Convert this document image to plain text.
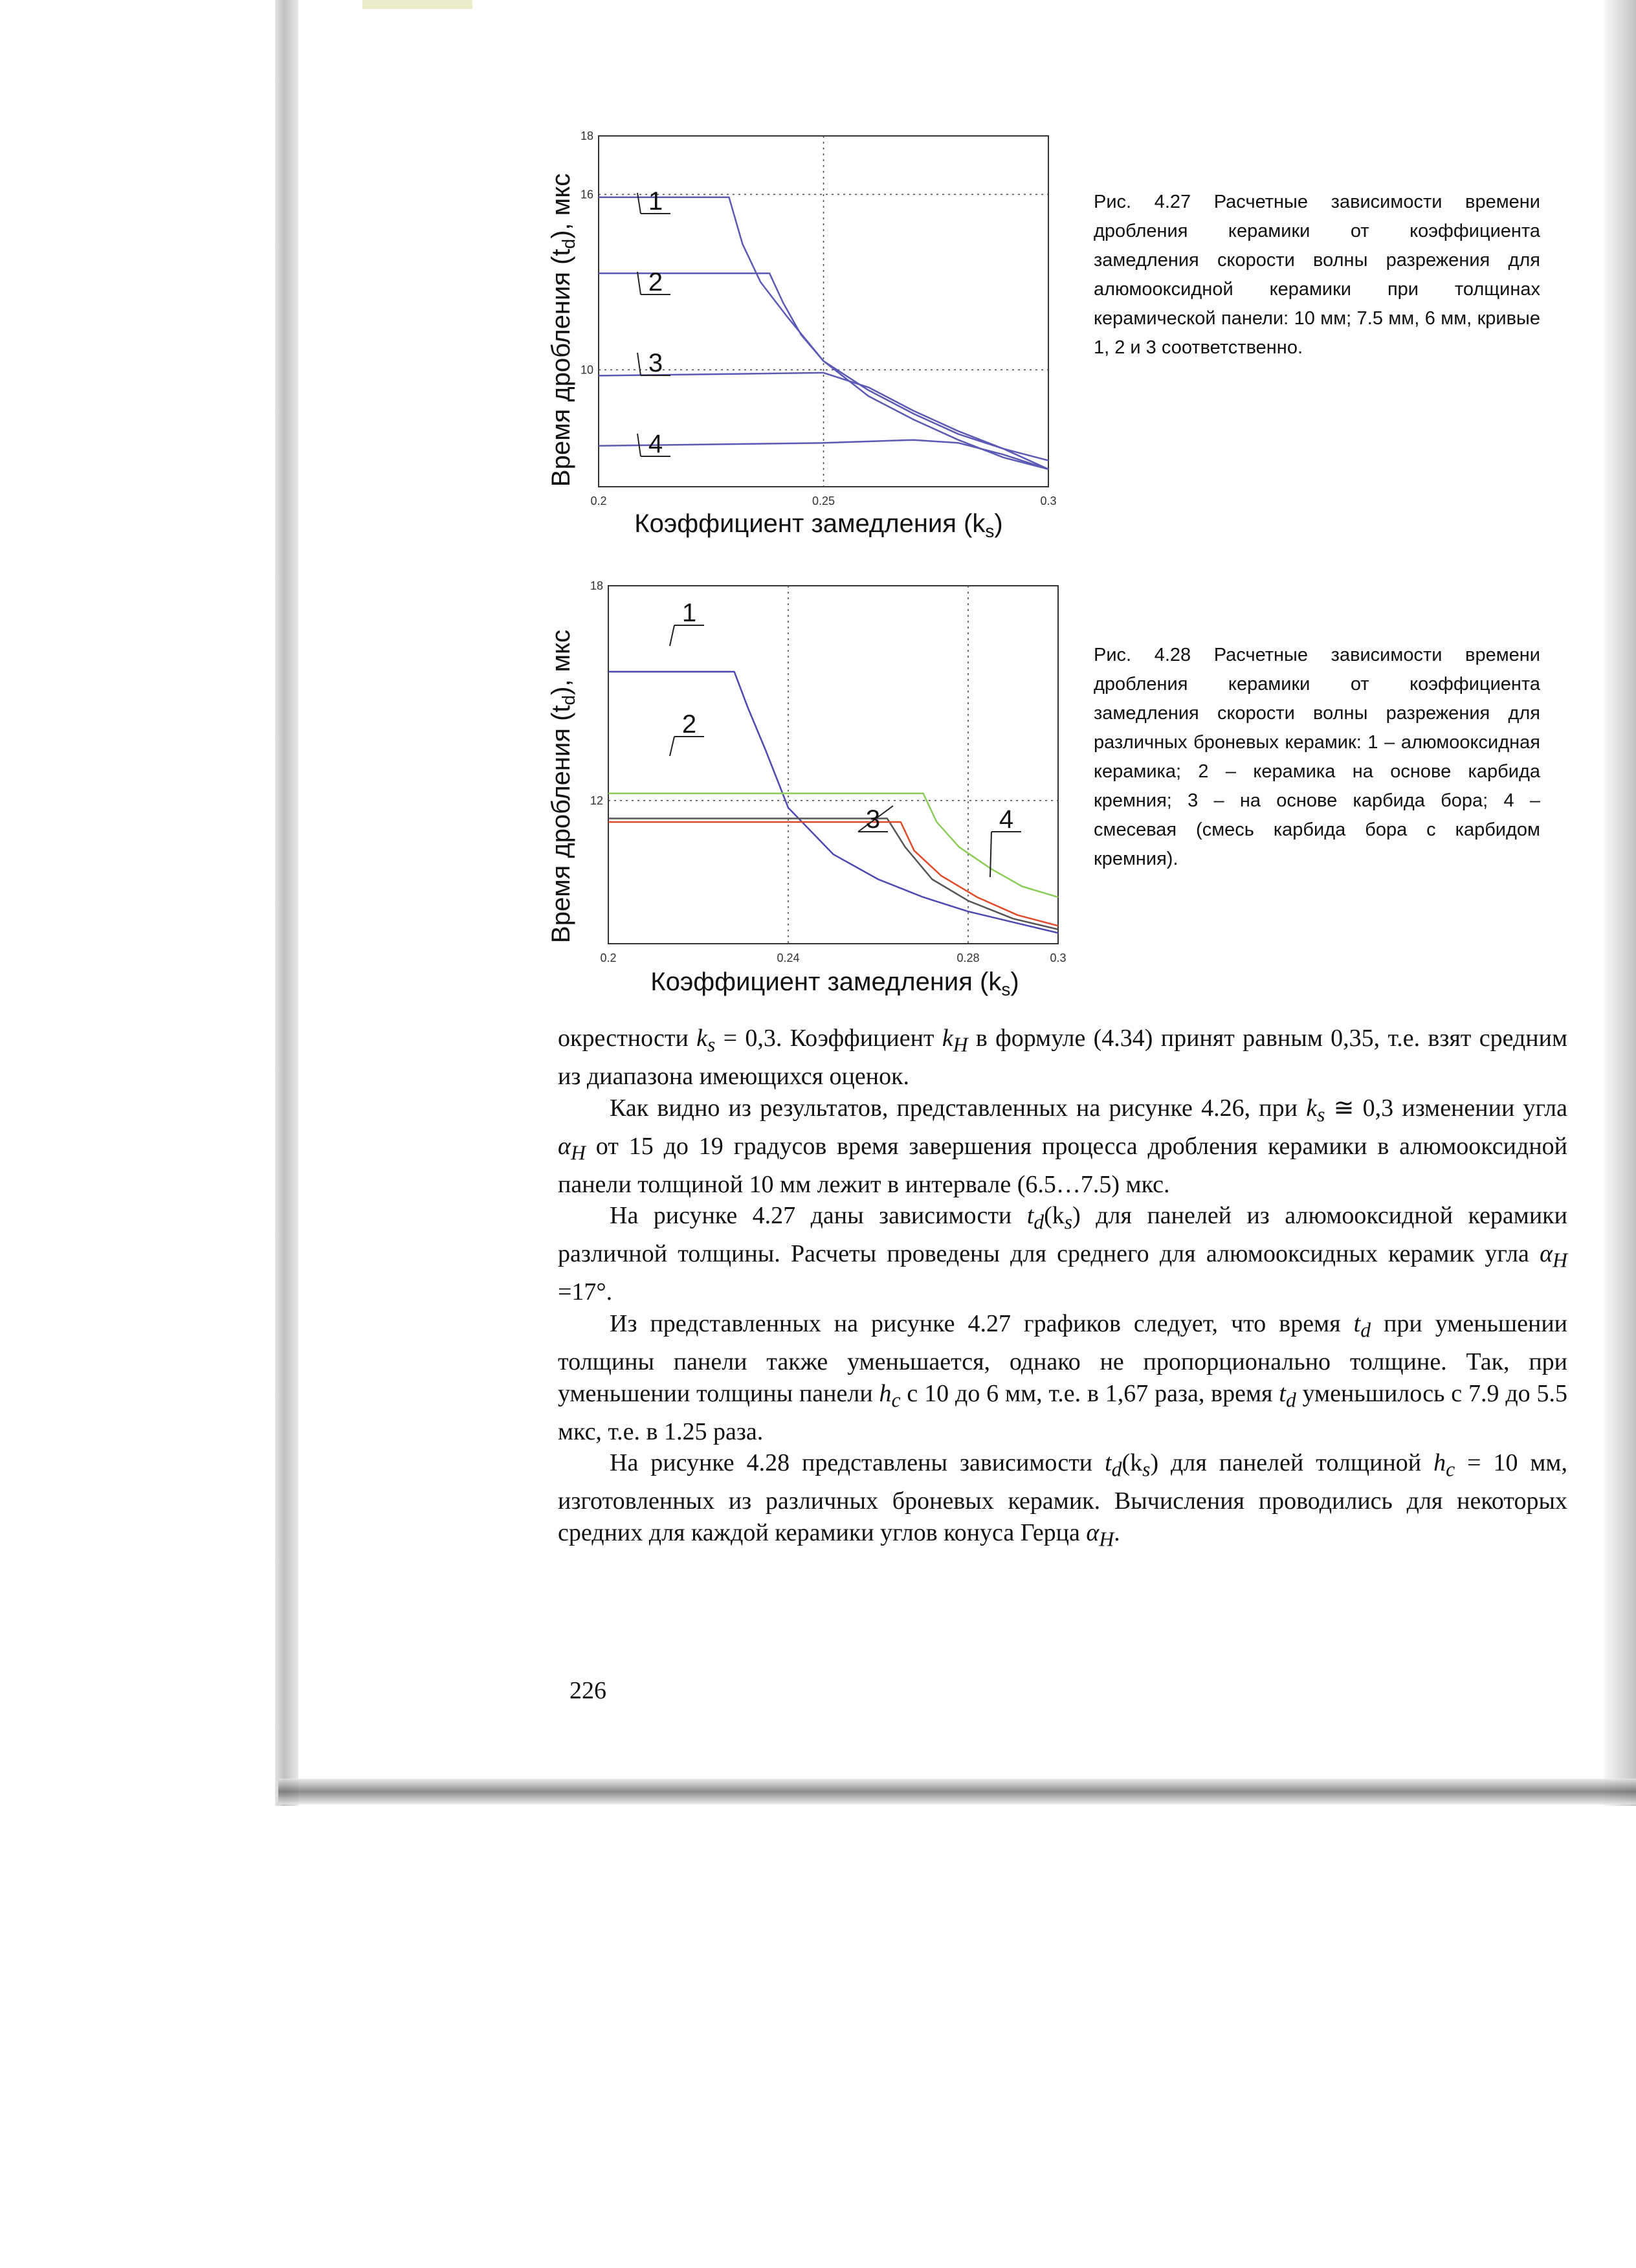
Время дробления $(t_d)$, мкс
Коэффициент замедления $(k_s)$
0.2	0.25	0.3
10
16
18
1
2
3
4
Рис. 4.27 Расчетные зависимости времени дробления керамики от коэффициента замедления скорости волны разрежения для алюмооксидной керамики при толщинах керамической панели: 10 мм; 7.5 мм, 6 мм, кривые 1, 2 и 3 соответственно.
Время дробления $(t_d)$, мкс
Коэффициент замедления $(k_s)$
0.2	0.24	0.28	0.3
12
18
1
2
3	4
Рис. 4.28 Расчетные зависимости времени дробления керамики от коэффициента замедления скорости волны разрежения для различных броневых керамик: 1 – алюмооксидная керамика; 2 – керамика на основе карбида кремния; 3 – на основе карбида бора; 4 – смесевая (смесь карбида бора с карбидом кремния).

окрестности $k_s = 0,3$. Коэффициент $k_H$ в формуле (4.34) принят равным 0,35, т.е. взят средним из диапазона имеющихся оценок.

Как видно из результатов, представленных на рисунке 4.26, при $k_s$ ≅ 0,3 изменении угла $\alpha_H$ от 15 до 19 градусов время завершения процесса дробления керамики в алюмооксидной панели толщиной 10 мм лежит в интервале (6.5…7.5) мкс.

На рисунке 4.27 даны зависимости $t_d(k_s)$ для панелей из алюмооксидной керамики различной толщины. Расчеты проведены для среднего для алюмооксидных керамик угла $\alpha_H =17^\circ$.

Из представленных на рисунке 4.27 графиков следует, что время $t_d$ при уменьшении толщины панели также уменьшается, однако не пропорционально толщине. Так, при уменьшении толщины панели $h_c$ с 10 до 6 мм, т.е. в 1,67 раза, время $t_d$ уменьшилось с 7.9 до 5.5 мкс, т.е. в 1.25 раза.

На рисунке 4.28 представлены зависимости $t_d(k_s)$ для панелей толщиной $h_c = 10$ мм, изготовленных из различных броневых керамик. Вычисления проводились для некоторых средних для каждой керамики углов конуса Герца $\alpha_H$.

226
